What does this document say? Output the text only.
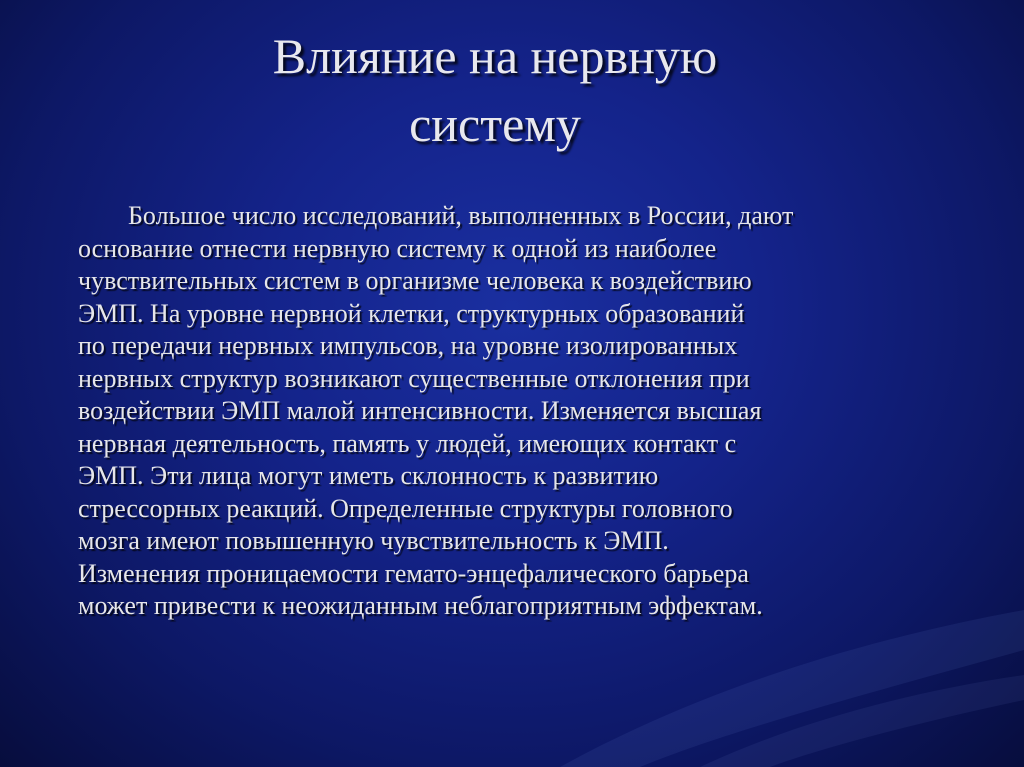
Влияние на нервную
систему

Большое число исследований, выполненных в России, дают
основание отнести нервную систему к одной из наиболее
чувствительных систем в организме человека к воздействию
ЭМП. На уровне нервной клетки, структурных образований
по передачи нервных импульсов, на уровне изолированных
нервных структур возникают существенные отклонения при
воздействии ЭМП малой интенсивности. Изменяется высшая
нервная деятельность, память у людей, имеющих контакт с
ЭМП. Эти лица могут иметь склонность к развитию
стрессорных реакций. Определенные структуры головного
мозга имеют повышенную чувствительность к ЭМП.
Изменения проницаемости гемато-энцефалического барьера
может привести к неожиданным неблагоприятным эффектам.
